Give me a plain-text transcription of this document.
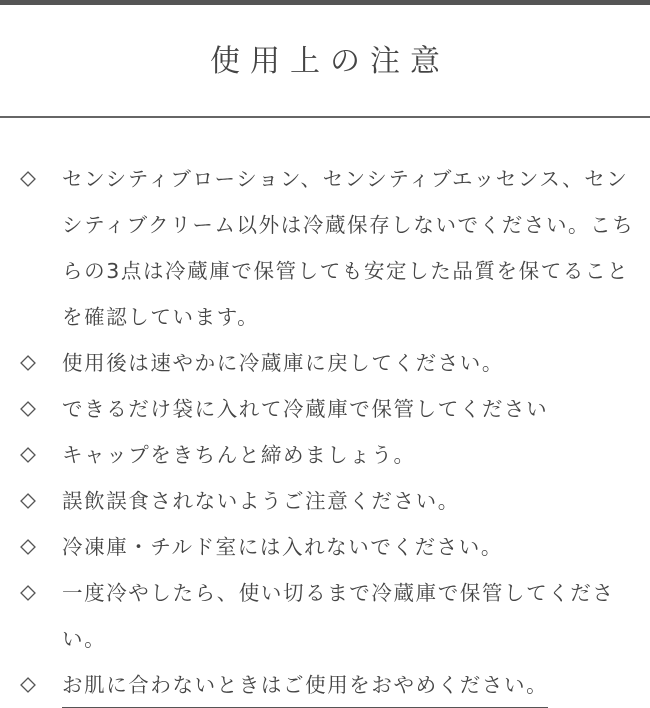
使用上の注意
センシティブローション、センシティブエッセンス、センシティブクリーム以外は冷蔵保存しないでください。こちらの3点は冷蔵庫で保管しても安定した品質を保てることを確認しています。
使用後は速やかに冷蔵庫に戻してください。
できるだけ袋に入れて冷蔵庫で保管してください
キャップをきちんと締めましょう。
誤飲誤食されないようご注意ください。
冷凍庫・チルド室には入れないでください。
一度冷やしたら、使い切るまで冷蔵庫で保管してください。
お肌に合わないときはご使用をおやめください。
